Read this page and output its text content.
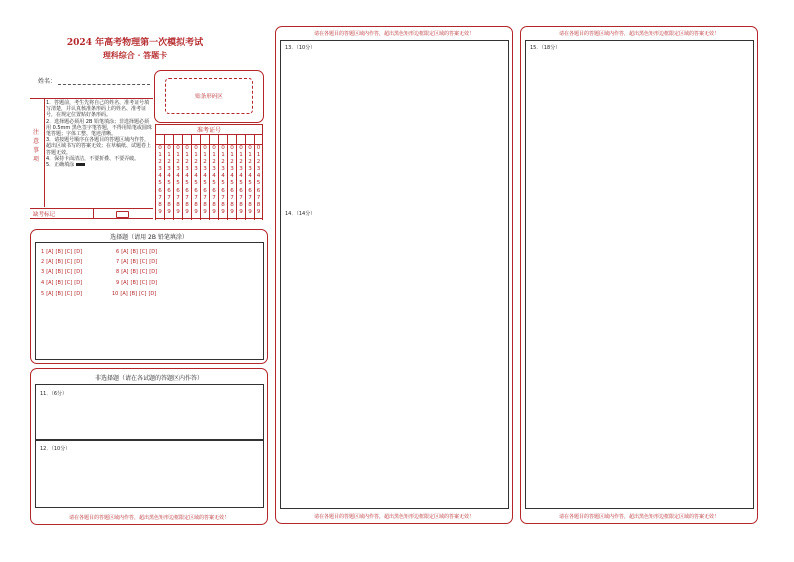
2024 年高考物理第一次模拟考试
理科综合 · 答题卡
姓名：
贴条形码区
注意事项
1．答题前，考生先将自己的姓名、准考证号填写清楚，并认真核准条形码上的姓名、准考证号，在规定位置贴好条形码。
2．选择题必须用 2B 铅笔填涂；非选择题必须用 0.5mm 黑色签字笔答题，不得用铅笔或圆珠笔答题；字体工整、笔迹清晰。
3．请按题号顺序在各题目的答题区域内作答，超出区域书写的答案无效；在草稿纸、试题卷上答题无效。
4．保持卡面清洁，不要折叠、不要弄破。
5．正确填涂
准考证号
0
1
2
3
4
5
6
7
8
9
0
1
2
3
4
5
6
7
8
9
0
1
2
3
4
5
6
7
8
9
0
1
2
3
4
5
6
7
8
9
0
1
2
3
4
5
6
7
8
9
0
1
2
3
4
5
6
7
8
9
0
1
2
3
4
5
6
7
8
9
0
1
2
3
4
5
6
7
8
9
0
1
2
3
4
5
6
7
8
9
0
1
2
3
4
5
6
7
8
9
0
1
2
3
4
5
6
7
8
9
0
1
2
3
4
5
6
7
8
9
缺考标记
选择题（请用 2B 铅笔填涂）
1 [A] [B] [C] [D]
2 [A] [B] [C] [D]
3 [A] [B] [C] [D]
4 [A] [B] [C] [D]
5 [A] [B] [C] [D]
6 [A] [B] [C] [D]
7 [A] [B] [C] [D]
8 [A] [B] [C] [D]
9 [A] [B] [C] [D]
10 [A] [B] [C] [D]
非选择题（请在各试题的答题区内作答）
11．（6分）
12．（10分）
请在各题目的答题区域内作答，超出黑色矩形边框限定区域的答案无效！
请在各题目的答题区域内作答，超出黑色矩形边框限定区域的答案无效！
13．（10分）
14．（14分）
请在各题目的答题区域内作答，超出黑色矩形边框限定区域的答案无效！
请在各题目的答题区域内作答，超出黑色矩形边框限定区域的答案无效！
15．（18分）
请在各题目的答题区域内作答，超出黑色矩形边框限定区域的答案无效！
